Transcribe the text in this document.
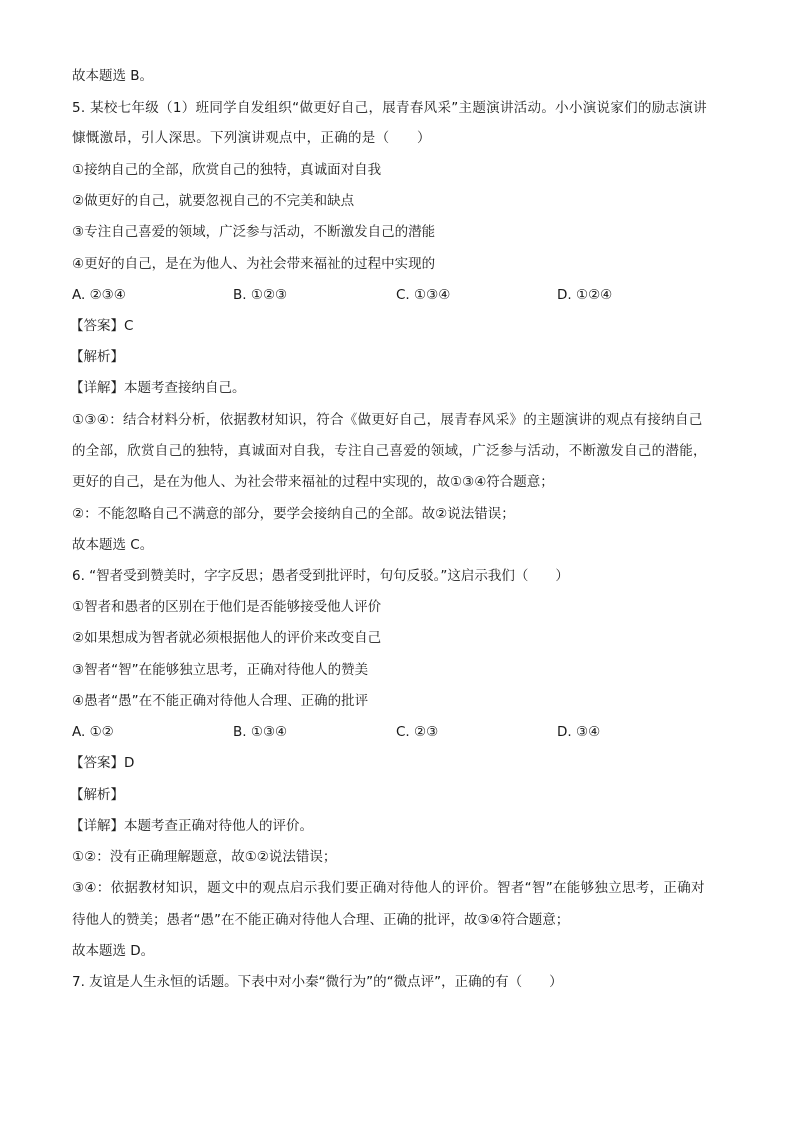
故本题选 B。
5. 某校七年级（1）班同学自发组织“做更好自己，展青春风采”主题演讲活动。小小演说家们的励志演讲
慷慨激昂，引人深思。下列演讲观点中，正确的是（　　）
①接纳自己的全部，欣赏自己的独特，真诚面对自我
②做更好的自己，就要忽视自己的不完美和缺点
③专注自己喜爱的领域，广泛参与活动，不断激发自己的潜能
④更好的自己，是在为他人、为社会带来福祉的过程中实现的
A. ②③④	B. ①②③	C. ①③④	D. ①②④
【答案】C
【解析】
【详解】本题考查接纳自己。
①③④：结合材料分析，依据教材知识，符合《做更好自己，展青春风采》的主题演讲的观点有接纳自己
的全部，欣赏自己的独特，真诚面对自我，专注自己喜爱的领域，广泛参与活动，不断激发自己的潜能，
更好的自己，是在为他人、为社会带来福祉的过程中实现的，故①③④符合题意；
②：不能忽略自己不满意的部分，要学会接纳自己的全部。故②说法错误；
故本题选 C。
6. “智者受到赞美时，字字反思；愚者受到批评时，句句反驳。”这启示我们（　　）
①智者和愚者的区别在于他们是否能够接受他人评价
②如果想成为智者就必须根据他人的评价来改变自己
③智者“智”在能够独立思考，正确对待他人的赞美
④愚者“愚”在不能正确对待他人合理、正确的批评
A. ①②	B. ①③④	C. ②③	D. ③④
【答案】D
【解析】
【详解】本题考查正确对待他人的评价。
①②：没有正确理解题意，故①②说法错误；
③④：依据教材知识，题文中的观点启示我们要正确对待他人的评价。智者“智”在能够独立思考，正确对
待他人的赞美；愚者“愚”在不能正确对待他人合理、正确的批评，故③④符合题意；
故本题选 D。
7. 友谊是人生永恒的话题。下表中对小秦“微行为”的“微点评”，正确的有（　　）
